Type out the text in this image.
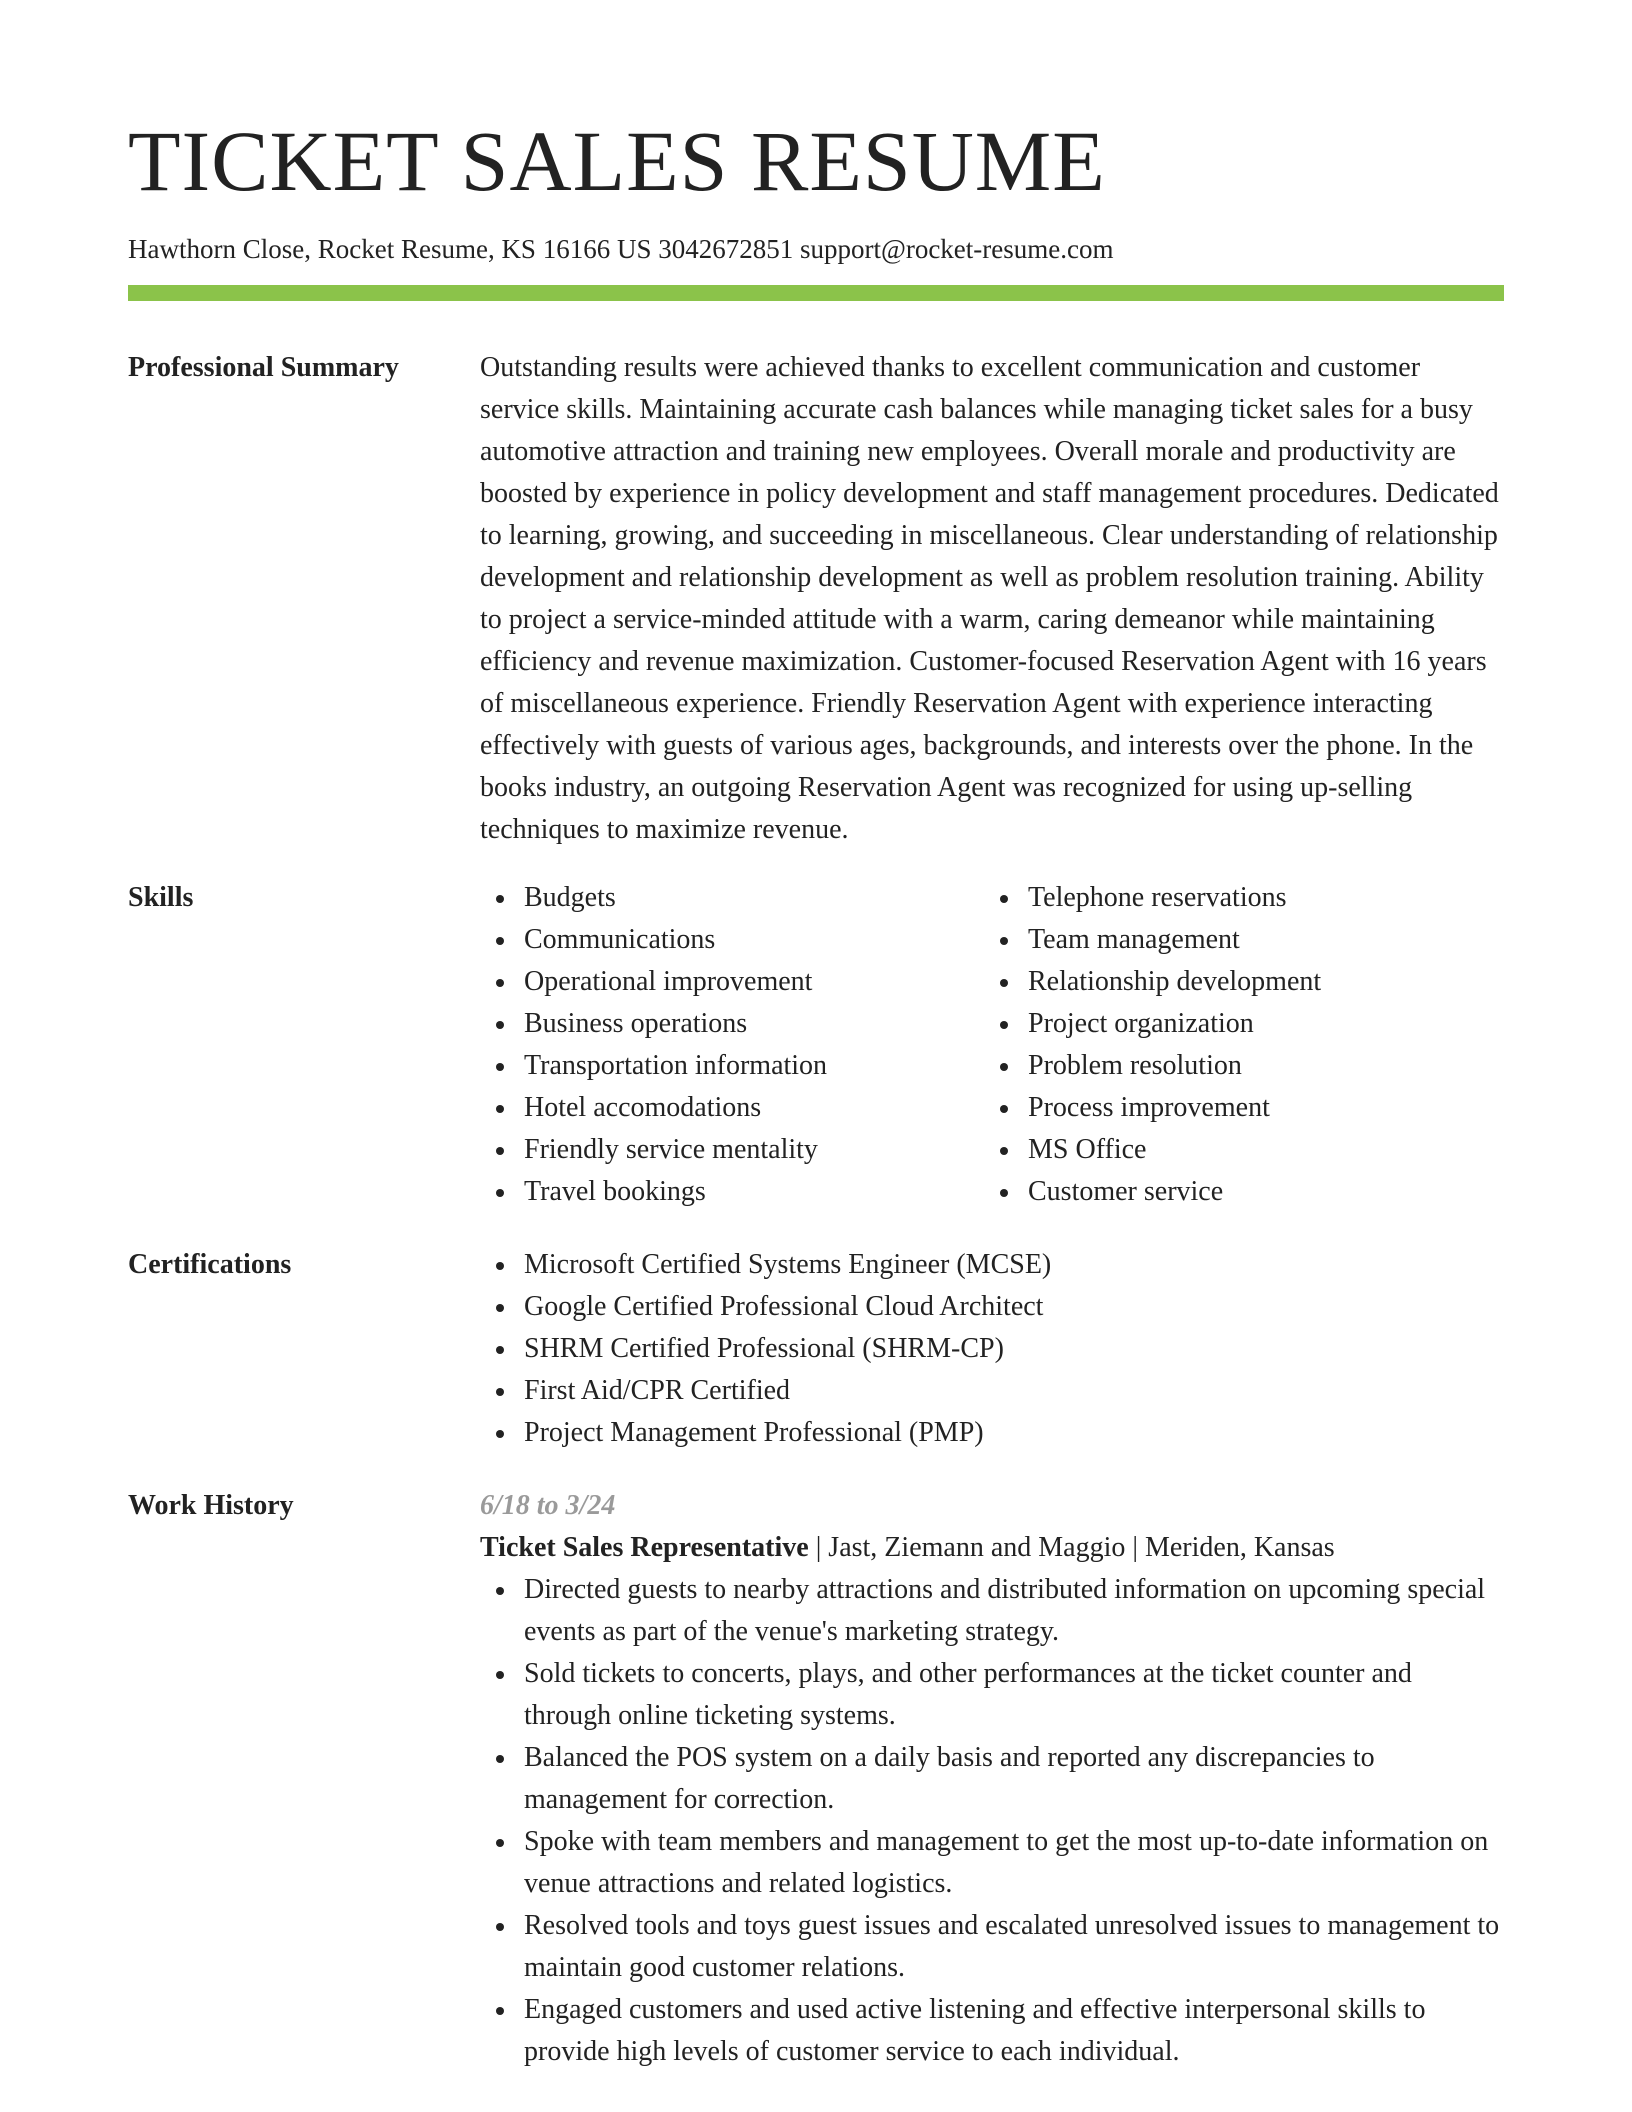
TICKET SALES RESUME
Hawthorn Close, Rocket Resume, KS 16166 US 3042672851 support@rocket-resume.com
Professional Summary	Outstanding results were achieved thanks to excellent communication and customer service skills. Maintaining accurate cash balances while managing ticket sales for a busy automotive attraction and training new employees. Overall morale and productivity are boosted by experience in policy development and staff management procedures. Dedicated to learning, growing, and succeeding in miscellaneous. Clear understanding of relationship development and relationship development as well as problem resolution training. Ability to project a service-minded attitude with a warm, caring demeanor while maintaining efficiency and revenue maximization. Customer-focused Reservation Agent with 16 years of miscellaneous experience. Friendly Reservation Agent with experience interacting effectively with guests of various ages, backgrounds, and interests over the phone. In the books industry, an outgoing Reservation Agent was recognized for using up-selling techniques to maximize revenue.

Skills	Budgets
Communications
Operational improvement
Business operations
Transportation information
Hotel accomodations
Friendly service mentality
Travel bookings
Telephone reservations
Team management
Relationship development
Project organization
Problem resolution
Process improvement
MS Office
Customer service
Certifications	Microsoft Certified Systems Engineer (MCSE)
Google Certified Professional Cloud Architect
SHRM Certified Professional (SHRM-CP)
First Aid/CPR Certified
Project Management Professional (PMP)
Work History	6/18 to 3/24
Ticket Sales Representative | Jast, Ziemann and Maggio | Meriden, Kansas
Directed guests to nearby attractions and distributed information on upcoming special events as part of the venue's marketing strategy.
Sold tickets to concerts, plays, and other performances at the ticket counter and through online ticketing systems.
Balanced the POS system on a daily basis and reported any discrepancies to management for correction.
Spoke with team members and management to get the most up-to-date information on venue attractions and related logistics.
Resolved tools and toys guest issues and escalated unresolved issues to management to maintain good customer relations.
Engaged customers and used active listening and effective interpersonal skills to provide high levels of customer service to each individual.
